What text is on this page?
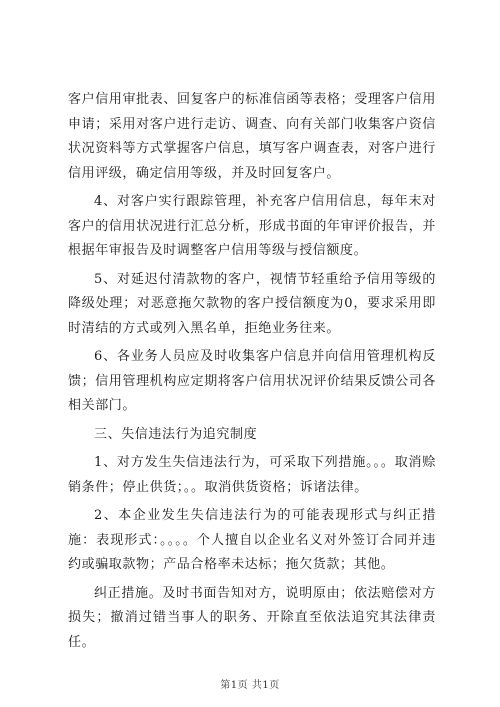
客户信用审批表、回复客户的标准信函等表格；受理客户信用申请；采用对客户进行走访、调查、向有关部门收集客户资信状况资料等方式掌握客户信息，填写客户调查表，对客户进行信用评级，确定信用等级，并及时回复客户。

4、对客户实行跟踪管理，补充客户信用信息，每年末对客户的信用状况进行汇总分析，形成书面的年审评价报告，并根据年审报告及时调整客户信用等级与授信额度。

5、对延迟付清款物的客户，视情节轻重给予信用等级的降级处理；对恶意拖欠款物的客户授信额度为0，要求采用即时清结的方式或列入黑名单，拒绝业务往来。

6、各业务人员应及时收集客户信息并向信用管理机构反馈；信用管理机构应定期将客户信用状况评价结果反馈公司各相关部门。

三、失信违法行为追究制度

1、对方发生失信违法行为，可采取下列措施。。。取消赊销条件；停止供货；。。取消供货资格；诉诸法律。

2、本企业发生失信违法行为的可能表现形式与纠正措施：表现形式：。。。。个人擅自以企业名义对外签订合同并违约或骗取款物；产品合格率未达标；拖欠货款；其他。

纠正措施。及时书面告知对方，说明原由；依法赔偿对方损失；撤消过错当事人的职务、开除直至依法追究其法律责任。

第1页 共1页
